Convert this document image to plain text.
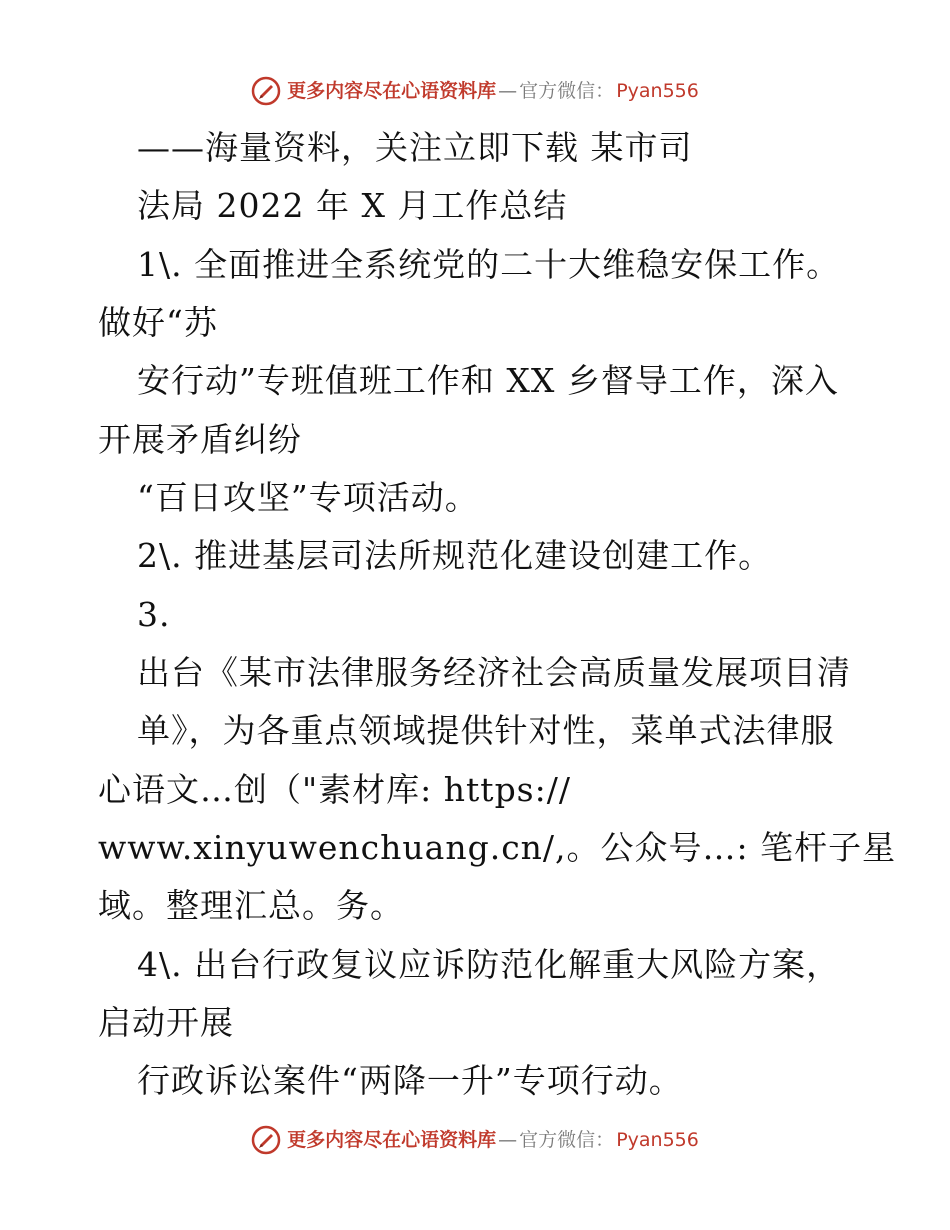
更多内容尽在心语资料库 — 官方微信： Pyan556
——海量资料，关注立即下载 某市司
法局 2022 年 X 月工作总结
1\. 全面推进全系统党的二十大维稳安保工作。
做好“苏
安行动”专班值班工作和 XX 乡督导工作，深入
开展矛盾纠纷
“百日攻坚”专项活动。
2\. 推进基层司法所规范化建设创建工作。
3.
出台《某市法律服务经济社会高质量发展项目清
单》，为各重点领域提供针对性，菜单式法律服
心语文…创（"素材库: https://
www.xinyuwenchuang.cn/,。公众号…: 笔杆子星
域。整理汇总。务。
4\. 出台行政复议应诉防范化解重大风险方案，
启动开展
行政诉讼案件“两降一升”专项行动。
更多内容尽在心语资料库 — 官方微信： Pyan556
